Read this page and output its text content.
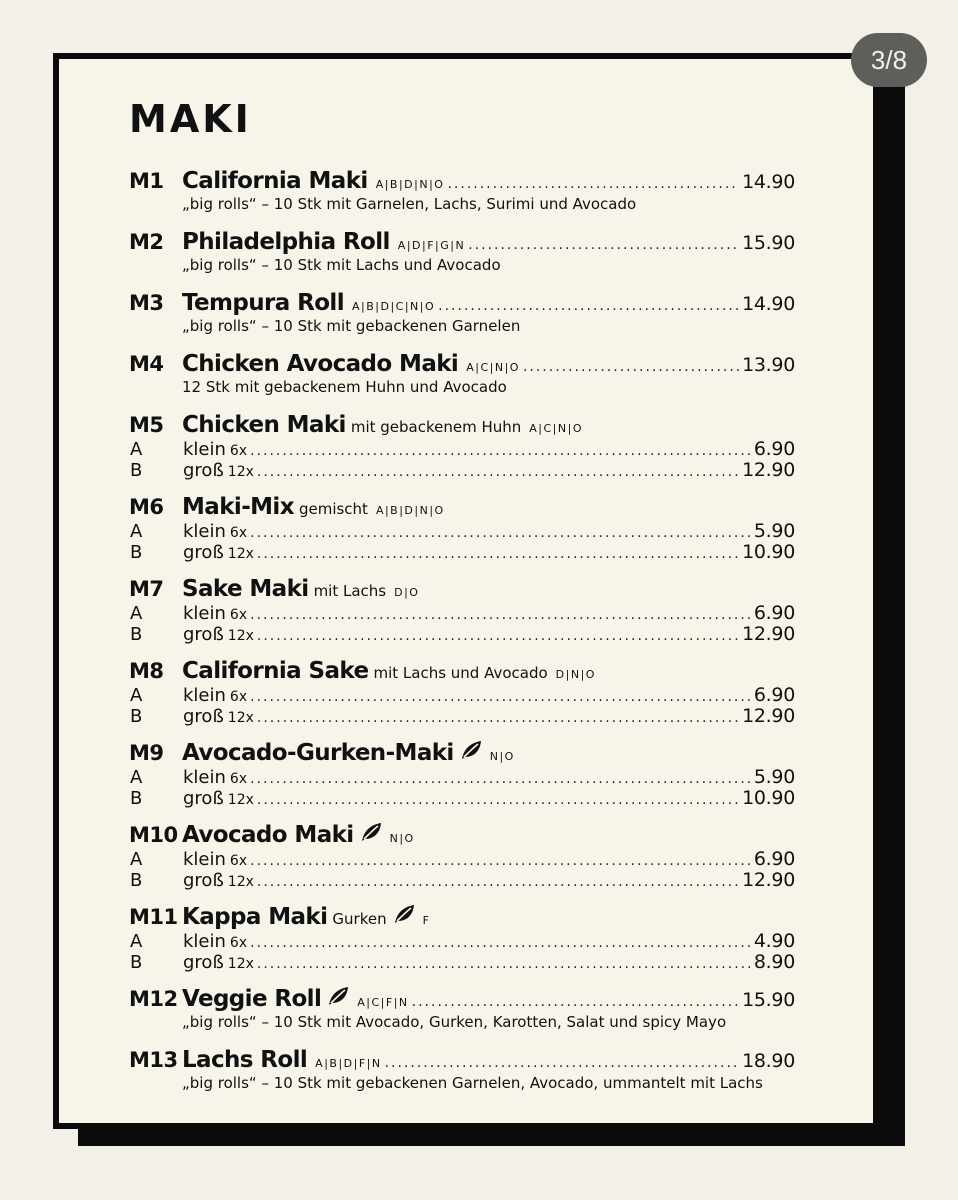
3/8
MAKI
M1 California Maki A|B|D|N|O .....	14.90
„big rolls“ – 10 Stk mit Garnelen, Lachs, Surimi und Avocado
M2 Philadelphia Roll A|D|F|G|N .....	15.90
„big rolls“ – 10 Stk mit Lachs und Avocado
M3 Tempura Roll A|B|D|C|N|O .....	14.90
„big rolls“ – 10 Stk mit gebackenen Garnelen
M4 Chicken Avocado Maki A|C|N|O .....	13.90
12 Stk mit gebackenem Huhn und Avocado
M5 Chicken Maki mit gebackenem Huhn A|C|N|O
A	klein 6x .....	6.90
B	groß 12x .....	12.90
M6 Maki-Mix gemischt A|B|D|N|O
A	klein 6x .....	5.90
B	groß 12x .....	10.90
M7 Sake Maki mit Lachs D|O
A	klein 6x .....	6.90
B	groß 12x .....	12.90
M8 California Sake mit Lachs und Avocado D|N|O
A	klein 6x .....	6.90
B	groß 12x .....	12.90
M9 Avocado-Gurken-Maki	N|O
A	klein 6x .....	5.90
B	groß 12x .....	10.90
M10 Avocado Maki	N|O
A	klein 6x .....	6.90
B	groß 12x .....	12.90
M11 Kappa Maki Gurken	F
A	klein 6x .....	4.90
B	groß 12x .....	8.90
M12 Veggie Roll	A|C|F|N .....	15.90
„big rolls“ – 10 Stk mit Avocado, Gurken, Karotten, Salat und spicy Mayo
M13 Lachs Roll A|B|D|F|N .....	18.90
„big rolls“ – 10 Stk mit gebackenen Garnelen, Avocado, ummantelt mit Lachs
